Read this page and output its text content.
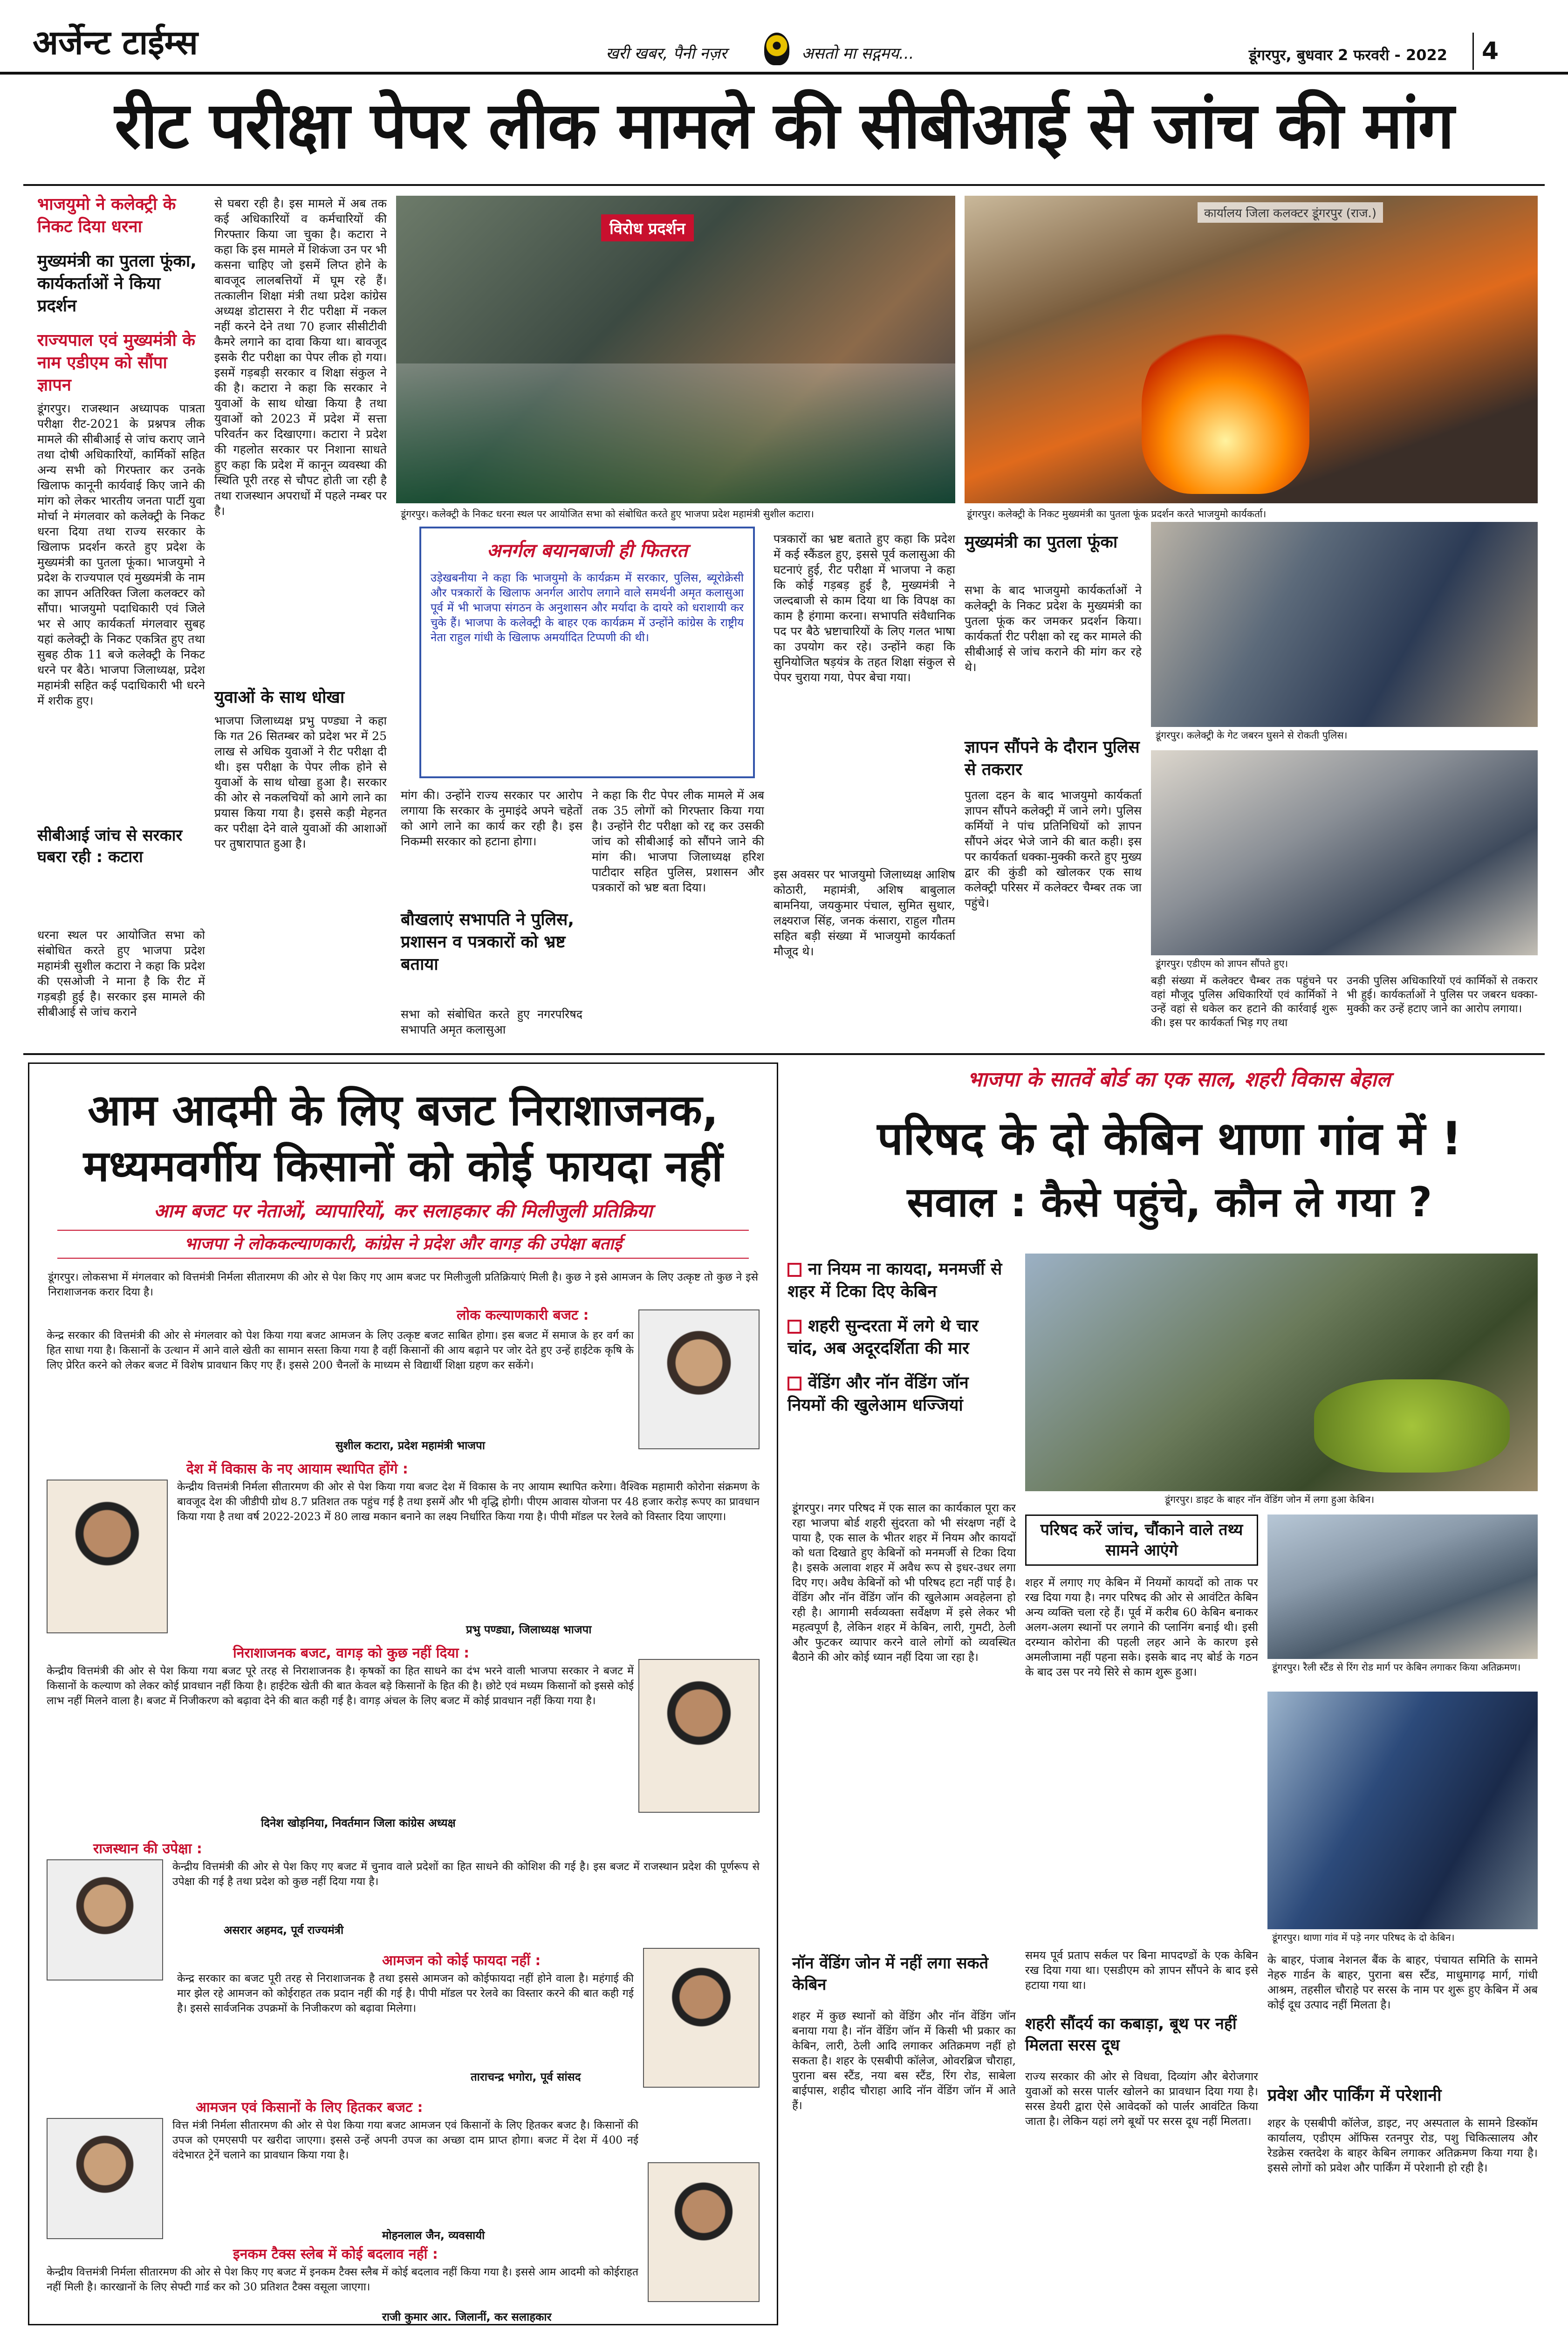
अर्जेन्ट टाईम्स	खरी खबर, पैनी नज़र	असतो मा सद्गमय...	डूंगरपुर, बुधवार 2 फरवरी - 2022 4
रीट परीक्षा पेपर लीक मामले की सीबीआई से जांच की मांग
भाजयुमो ने कलेक्ट्री के निकट दिया धरना
मुख्यमंत्री का पुतला फूंका, कार्यकर्ताओं ने किया प्रदर्शन
राज्यपाल एवं मुख्यमंत्री के नाम एडीएम को सौंपा ज्ञापन
डूंगरपुर। राजस्थान अध्यापक पात्रता परीक्षा रीट-2021 के प्रश्नपत्र लीक मामले की सीबीआई से जांच कराए जाने तथा दोषी अधिकारियों, कार्मिकों सहित अन्य सभी को गिरफ्तार कर उनके खिलाफ कानूनी कार्यवाई किए जाने की मांग को लेकर भारतीय जनता पार्टी युवा मोर्चा ने मंगलवार को कलेक्ट्री के निकट धरना दिया तथा राज्य सरकार के खिलाफ प्रदर्शन करते हुए प्रदेश के मुख्यमंत्री का पुतला फूंका। भाजयुमो ने प्रदेश के राज्यपाल एवं मुख्यमंत्री के नाम का ज्ञापन अतिरिक्त जिला कलक्टर को सौंपा। भाजयुमो पदाधिकारी एवं जिले भर से आए कार्यकर्ता मंगलवार सुबह यहां कलेक्ट्री के निकट एकत्रित हुए तथा सुबह ठीक 11 बजे कलेक्ट्री के निकट धरने पर बैठे। भाजपा जिलाध्यक्ष, प्रदेश महामंत्री सहित कई पदाधिकारी भी धरने में शरीक हुए।
सीबीआई जांच से सरकार घबरा रही : कटारा
धरना स्थल पर आयोजित सभा को संबोधित करते हुए भाजपा प्रदेश महामंत्री सुशील कटारा ने कहा कि प्रदेश की एसओजी ने माना है कि रीट में गड़बड़ी हुई है। सरकार इस मामले की सीबीआई से जांच कराने
से घबरा रही है। इस मामले में अब तक कई अधिकारियों व कर्मचारियों की गिरफ्तार किया जा चुका है। कटारा ने कहा कि इस मामले में शिकंजा उन पर भी कसना चाहिए जो इसमें लिप्त होने के बावजूद लालबत्तियों में घूम रहे हैं। तत्कालीन शिक्षा मंत्री तथा प्रदेश कांग्रेस अध्यक्ष डोटासरा ने रीट परीक्षा में नकल नहीं करने देने तथा 70 हजार सीसीटीवी कैमरे लगाने का दावा किया था। बावजूद इसके रीट परीक्षा का पेपर लीक हो गया। इसमें गड़बड़ी सरकार व शिक्षा संकुल ने की है। कटारा ने कहा कि सरकार ने युवाओं के साथ धोखा किया है तथा युवाओं को 2023 में प्रदेश में सत्ता परिवर्तन कर दिखाएगा। कटारा ने प्रदेश की गहलोत सरकार पर निशाना साधते हुए कहा कि प्रदेश में कानून व्यवस्था की स्थिति पूरी तरह से चौपट होती जा रही है तथा राजस्थान अपराधों में पहले नम्बर पर है।
युवाओं के साथ धोखा
भाजपा जिलाध्यक्ष प्रभु पण्ड्या ने कहा कि गत 26 सितम्बर को प्रदेश भर में 25 लाख से अधिक युवाओं ने रीट परीक्षा दी थी। इस परीक्षा के पेपर लीक होने से युवाओं के साथ धोखा हुआ है। सरकार की ओर से नकलचियों को आगे लाने का प्रयास किया गया है। इससे कड़ी मेहनत कर परीक्षा देने वाले युवाओं की आशाओं पर तुषारापात हुआ है।
विरोध प्रदर्शन
डूंगरपुर। कलेक्ट्री के निकट धरना स्थल पर आयोजित सभा को संबोधित करते हुए भाजपा प्रदेश महामंत्री सुशील कटारा।
कार्यालय जिला कलक्टर डूंगरपुर (राज.)
डूंगरपुर। कलेक्ट्री के निकट मुख्यमंत्री का पुतला फूंक प्रदर्शन करते भाजयुमो कार्यकर्ता।
अनर्गल बयानबाजी ही फितरत
उड़ेखबनीया ने कहा कि भाजयुमो के कार्यक्रम में सरकार, पुलिस, ब्यूरोक्रेसी और पत्रकारों के खिलाफ अनर्गल आरोप लगाने वाले समर्थनी अमृत कलासुआ पूर्व में भी भाजपा संगठन के अनुशासन और मर्यादा के दायरे को धराशायी कर चुके हैं। भाजपा के कलेक्ट्री के बाहर एक कार्यक्रम में उन्होंने कांग्रेस के राष्ट्रीय नेता राहुल गांधी के खिलाफ अमर्यादित टिप्पणी की थी।
मांग की। उन्होंने राज्य सरकार पर आरोप लगाया कि सरकार के नुमाइंदे अपने चहेतों को आगे लाने का कार्य कर रही है। इस निकम्मी सरकार को हटाना होगा।
बौखलाएं सभापति ने पुलिस, प्रशासन व पत्रकारों को भ्रष्ट बताया
सभा को संबोधित करते हुए नगरपरिषद सभापति अमृत कलासुआ
ने कहा कि रीट पेपर लीक मामले में अब तक 35 लोगों को गिरफ्तार किया गया है। उन्होंने रीट परीक्षा को रद्द कर उसकी जांच को सीबीआई को सौंपने जाने की मांग की। भाजपा जिलाध्यक्ष हरिश पाटीदार सहित पुलिस, प्रशासन और पत्रकारों को भ्रष्ट बता दिया।
पत्रकारों का भ्रष्ट बताते हुए कहा कि प्रदेश में कई स्कैंडल हुए, इससे पूर्व कलासुआ की घटनाएं हुई, रीट परीक्षा में भाजपा ने कहा कि कोई गड़बड़ हुई है, मुख्यमंत्री ने जल्दबाजी से काम दिया था कि विपक्ष का काम है हंगामा करना। सभापति संवैधानिक पद पर बैठे भ्रष्टाचारियों के लिए गलत भाषा का उपयोग कर रहे। उन्होंने कहा कि सुनियोजित षड़यंत्र के तहत शिक्षा संकुल से पेपर चुराया गया, पेपर बेचा गया।
इस अवसर पर भाजयुमो जिलाध्यक्ष आशिष कोठारी, महामंत्री, अशिष बाबुलाल बामनिया, जयकुमार पंचाल, सुमित सुथार, लक्ष्यराज सिंह, जनक कंसारा, राहुल गौतम सहित बड़ी संख्या में भाजयुमो कार्यकर्ता मौजूद थे।
मुख्यमंत्री का पुतला फूंका
सभा के बाद भाजयुमो कार्यकर्ताओं ने कलेक्ट्री के निकट प्रदेश के मुख्यमंत्री का पुतला फूंक कर जमकर प्रदर्शन किया। कार्यकर्ता रीट परीक्षा को रद्द कर मामले की सीबीआई से जांच कराने की मांग कर रहे थे।
ज्ञापन सौंपने के दौरान पुलिस से तकरार
पुतला दहन के बाद भाजयुमो कार्यकर्ता ज्ञापन सौंपने कलेक्ट्री में जाने लगे। पुलिस कर्मियों ने पांच प्रतिनिधियों को ज्ञापन सौंपने अंदर भेजे जाने की बात कही। इस पर कार्यकर्ता धक्का-मुक्की करते हुए मुख्य द्वार की कुंडी को खोलकर एक साथ कलेक्ट्री परिसर में कलेक्टर चैम्बर तक जा पहुंचे।
डूंगरपुर। कलेक्ट्री के गेट जबरन घुसने से रोकती पुलिस।
डूंगरपुर। एडीएम को ज्ञापन सौंपते हुए।
बड़ी संख्या में कलेक्टर चैम्बर तक पहुंचने पर वहां मौजूद पुलिस अधिकारियों एवं कार्मिकों ने उन्हें वहां से धकेल कर हटाने की कार्रवाई शुरू की। इस पर कार्यकर्ता भिड़ गए तथा
उनकी पुलिस अधिकारियों एवं कार्मिकों से तकरार भी हुई। कार्यकर्ताओं ने पुलिस पर जबरन धक्का-मुक्की कर उन्हें हटाए जाने का आरोप लगाया।
आम आदमी के लिए बजट निराशाजनक,
मध्यमवर्गीय किसानों को कोई फायदा नहीं
आम बजट पर नेताओं, व्यापारियों, कर सलाहकार की मिलीजुली प्रतिक्रिया
भाजपा ने लोककल्याणकारी, कांग्रेस ने प्रदेश और वागड़ की उपेक्षा बताई
डूंगरपुर। लोकसभा में मंगलवार को वित्तमंत्री निर्मला सीतारमण की ओर से पेश किए गए आम बजट पर मिलीजुली प्रतिक्रियाएं मिली है। कुछ ने इसे आमजन के लिए उत्कृष्ट तो कुछ ने इसे निराशाजनक करार दिया है।
लोक कल्याणकारी बजट :
केन्द्र सरकार की वित्तमंत्री की ओर से मंगलवार को पेश किया गया बजट आमजन के लिए उत्कृष्ट बजट साबित होगा। इस बजट में समाज के हर वर्ग का हित साधा गया है। किसानों के उत्थान में आने वाले खेती का सामान सस्ता किया गया है वहीं किसानों की आय बढ़ाने पर जोर देते हुए उन्हें हाईटेक कृषि के लिए प्रेरित करने को लेकर बजट में विशेष प्रावधान किए गए हैं। इससे 200 चैनलों के माध्यम से विद्यार्थी शिक्षा ग्रहण कर सकेंगे।
सुशील कटारा, प्रदेश महामंत्री भाजपा
देश में विकास के नए आयाम स्थापित होंगे :
केन्द्रीय वित्तमंत्री निर्मला सीतारमण की ओर से पेश किया गया बजट देश में विकास के नए आयाम स्थापित करेगा। वैश्विक महामारी कोरोना संक्रमण के बावजूद देश की जीडीपी ग्रोथ 8.7 प्रतिशत तक पहुंच गई है तथा इसमें और भी वृद्धि होगी। पीएम आवास योजना पर 48 हजार करोड़ रूपए का प्रावधान किया गया है तथा वर्ष 2022-2023 में 80 लाख मकान बनाने का लक्ष्य निर्धारित किया गया है। पीपी मॉडल पर रेलवे को विस्तार दिया जाएगा।
प्रभु पण्ड्या, जिलाध्यक्ष भाजपा
निराशाजनक बजट, वागड़ को कुछ नहीं दिया :
केन्द्रीय वित्तमंत्री की ओर से पेश किया गया बजट पूरे तरह से निराशाजनक है। कृषकों का हित साधने का दंभ भरने वाली भाजपा सरकार ने बजट में किसानों के कल्याण को लेकर कोई प्रावधान नहीं किया है। हाईटेक खेती की बात केवल बड़े किसानों के हित की है। छोटे एवं मध्यम किसानों को इससे कोई लाभ नहीं मिलने वाला है। बजट में निजीकरण को बढ़ावा देने की बात कही गई है। वागड़ अंचल के लिए बजट में कोई प्रावधान नहीं किया गया है।
दिनेश खोड़निया, निवर्तमान जिला कांग्रेस अध्यक्ष
राजस्थान की उपेक्षा :
केन्द्रीय वित्तमंत्री की ओर से पेश किए गए बजट में चुनाव वाले प्रदेशों का हित साधने की कोशिश की गई है। इस बजट में राजस्थान प्रदेश की पूर्णरूप से उपेक्षा की गई है तथा प्रदेश को कुछ नहीं दिया गया है।
असरार अहमद, पूर्व राज्यमंत्री
आमजन को कोई फायदा नहीं :
केन्द्र सरकार का बजट पूरी तरह से निराशाजनक है तथा इससे आमजन को कोईफायदा नहीं होने वाला है। महंगाई की मार झेल रहे आमजन को कोईराहत तक प्रदान नहीं की गई है। पीपी मॉडल पर रेलवे का विस्तार करने की बात कही गई है। इससे सार्वजनिक उपक्रमों के निजीकरण को बढ़ावा मिलेगा।
ताराचन्द्र भगोरा, पूर्व सांसद
आमजन एवं किसानों के लिए हितकर बजट :
वित्त मंत्री निर्मला सीतारमण की ओर से पेश किया गया बजट आमजन एवं किसानों के लिए हितकर बजट है। किसानों की उपज को एमएसपी पर खरीदा जाएगा। इससे उन्हें अपनी उपज का अच्छा दाम प्राप्त होगा। बजट में देश में 400 नई वंदेभारत ट्रेनें चलाने का प्रावधान किया गया है।
मोहनलाल जैन, व्यवसायी
इनकम टैक्स स्लेब में कोई बदलाव नहीं :
केन्द्रीय वित्तमंत्री निर्मला सीतारमण की ओर से पेश किए गए बजट में इनकम टैक्स स्लैब में कोई बदलाव नहीं किया गया है। इससे आम आदमी को कोईराहत नहीं मिली है। कारखानों के लिए सेफ्टी गार्ड कर को 30 प्रतिशत टैक्स वसूला जाएगा।
राजी कुमार आर. जिलानीं, कर सलाहकार
भाजपा के सातवें बोर्ड का एक साल, शहरी विकास बेहाल
परिषद के दो केबिन थाणा गांव में !
सवाल : कैसे पहुंचे, कौन ले गया ?
ना नियम ना कायदा, मनमर्जी से शहर में टिका दिए केबिन
शहरी सुन्दरता में लगे थे चार चांद, अब अदूरदर्शिता की मार
वेंडिंग और नॉन वेंडिंग जॉन नियमों की खुलेआम धज्जियां
डूंगरपुर। डाइट के बाहर नॉन वेंडिंग जोन में लगा हुआ केबिन।
डूंगरपुर। नगर परिषद में एक साल का कार्यकाल पूरा कर रहा भाजपा बोर्ड शहरी सुंदरता को भी संरक्षण नहीं दे पाया है, एक साल के भीतर शहर में नियम और कायदों को धता दिखाते हुए केबिनों को मनमर्जी से टिका दिया है। इसके अलावा शहर में अवैध रूप से इधर-उधर लगा दिए गए। अवैध केबिनों को भी परिषद हटा नहीं पाई है। वेंडिंग और नॉन वेंडिंग जॉन की खुलेआम अवहेलना हो रही है। आगामी सर्वव्यक्ता सर्वेक्षण में इसे लेकर भी महत्वपूर्ण है, लेकिन शहर में केबिन, लारी, गुमटी, ठेली और फुटकर व्यापार करने वाले लोगों को व्यवस्थित बैठाने की ओर कोई ध्यान नहीं दिया जा रहा है।
नॉन वेंडिंग जोन में नहीं लगा सकते केबिन
शहर में कुछ स्थानों को वेंडिंग और नॉन वेंडिंग जॉन बनाया गया है। नॉन वेंडिंग जॉन में किसी भी प्रकार का केबिन, लारी, ठेली आदि लगाकर अतिक्रमण नहीं हो सकता है। शहर के एसबीपी कॉलेज, ओवरब्रिज चौराहा, पुराना बस स्टैंड, नया बस स्टैंड, रिंग रोड, साबेला बाईपास, शहीद चौराहा आदि नॉन वेंडिंग जॉन में आते हैं।
परिषद करें जांच, चौंकाने वाले तथ्य सामने आएंगे
शहर में लगाए गए केबिन में नियमों कायदों को ताक पर रख दिया गया है। नगर परिषद की ओर से आवंटित केबिन अन्य व्यक्ति चला रहे हैं। पूर्व में करीब 60 केबिन बनाकर अलग-अलग स्थानों पर लगाने की प्लानिंग बनाई थी। इसी दरम्यान कोरोना की पहली लहर आने के कारण इसे अमलीजामा नहीं पहना सके। इसके बाद नए बोर्ड के गठन के बाद उस पर नये सिरे से काम शुरू हुआ।	डूंगरपुर। रैली स्टैंड से रिंग रोड मार्ग पर केबिन लगाकर किया अतिक्रमण।
डूंगरपुर। थाणा गांव में पड़े नगर परिषद के दो केबिन।
समय पूर्व प्रताप सर्कल पर बिना मापदण्डों के एक केबिन रख दिया गया था। एसडीएम को ज्ञापन सौंपने के बाद इसे हटाया गया था।
शहरी सौंदर्य का कबाड़ा, बूथ पर नहीं मिलता सरस दूध
राज्य सरकार की ओर से विधवा, दिव्यांग और बेरोजगार युवाओं को सरस पार्लर खोलने का प्रावधान दिया गया है। सरस डेयरी द्वारा ऐसे आवेदकों को पार्लर आवंटित किया जाता है। लेकिन यहां लगे बूथों पर सरस दूध नहीं मिलता।
के बाहर, पंजाब नेशनल बैंक के बाहर, पंचायत समिति के सामने नेहरु गार्डन के बाहर, पुराना बस स्टैंड, माधुमागढ़ मार्ग, गांधी आश्रम, तहसील चौराहे पर सरस के नाम पर शुरू हुए केबिन में अब कोई दूध उत्पाद नहीं मिलता है।
प्रवेश और पार्किंग में परेशानी
शहर के एसबीपी कॉलेज, डाइट, नए अस्पताल के सामने डिस्कॉम कार्यालय, एडीएम ऑफिस रतनपुर रोड, पशु चिकित्सालय और रेडक्रेस रक्तदेश के बाहर केबिन लगाकर अतिक्रमण किया गया है। इससे लोगों को प्रवेश और पार्किंग में परेशानी हो रही है।
